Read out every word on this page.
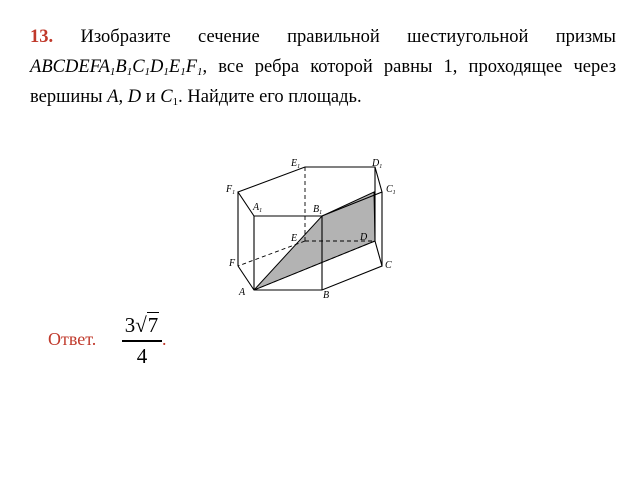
13. Изобразите сечение правильной шестиугольной призмы $ABCDEFA_1B_1C_1D_1E_1F_1$, все ребра которой равны 1, проходящее через вершины A, D и $C_1$. Найдите его площадь.

$E_1$	$D_1$
$F_1$	$C_1$
$A_1$	$B_1$
E	D
F	C
A	B
Ответ.
3√7
4
.
